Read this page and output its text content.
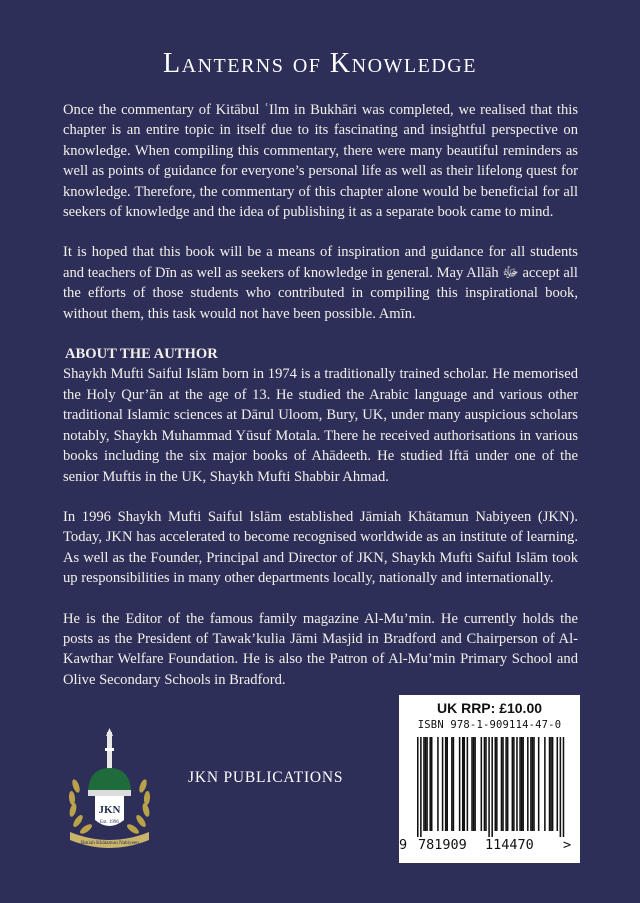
Lanterns of Knowledge

Once the commentary of Kitābul ʿIlm in Bukhāri was completed, we realised that this chapter is an entire topic in itself due to its fascinating and insightful perspective on knowledge. When compiling this commentary, there were many beautiful reminders as well as points of guidance for everyone’s personal life as well as their lifelong quest for knowledge. Therefore, the commentary of this chapter alone would be beneficial for all seekers of knowledge and the idea of publishing it as a separate book came to mind.

It is hoped that this book will be a means of inspiration and guidance for all students and teachers of Dīn as well as seekers of knowledge in general. May Allāh ﷻ accept all the efforts of those students who contributed in compiling this inspirational book, without them, this task would not have been possible. Amīn.

ABOUT THE AUTHOR

Shaykh Mufti Saiful Islām born in 1974 is a traditionally trained scholar. He memorised the Holy Qur’ān at the age of 13. He studied the Arabic language and various other traditional Islamic sciences at Dārul Uloom, Bury, UK, under many auspicious scholars notably, Shaykh Muhammad Yūsuf Motala. There he received authorisations in various books including the six major books of Ahādeeth. He studied Iftā under one of the senior Muftis in the UK, Shaykh Mufti Shabbir Ahmad.

In 1996 Shaykh Mufti Saiful Islām established Jāmiah Khātamun Nabiyeen (JKN). Today, JKN has accelerated to become recognised worldwide as an institute of learning. As well as the Founder, Principal and Director of JKN, Shaykh Mufti Saiful Islām took up responsibilities in many other departments locally, nationally and internationally.

He is the Editor of the famous family magazine Al-Mu’min. He currently holds the posts as the President of Tawak’kulia Jāmi Masjid in Bradford and Chairperson of Al-Kawthar Welfare Foundation. He is also the Patron of Al-Mu’min Primary School and Olive Secondary Schools in Bradford.

JKN
Est. 1996
Jāmiah Khātamun Nabiyeen
JKN PUBLICATIONS
UK RRP: £10.00
ISBN 978-1-909114-47-0
9 781909 114470 >
